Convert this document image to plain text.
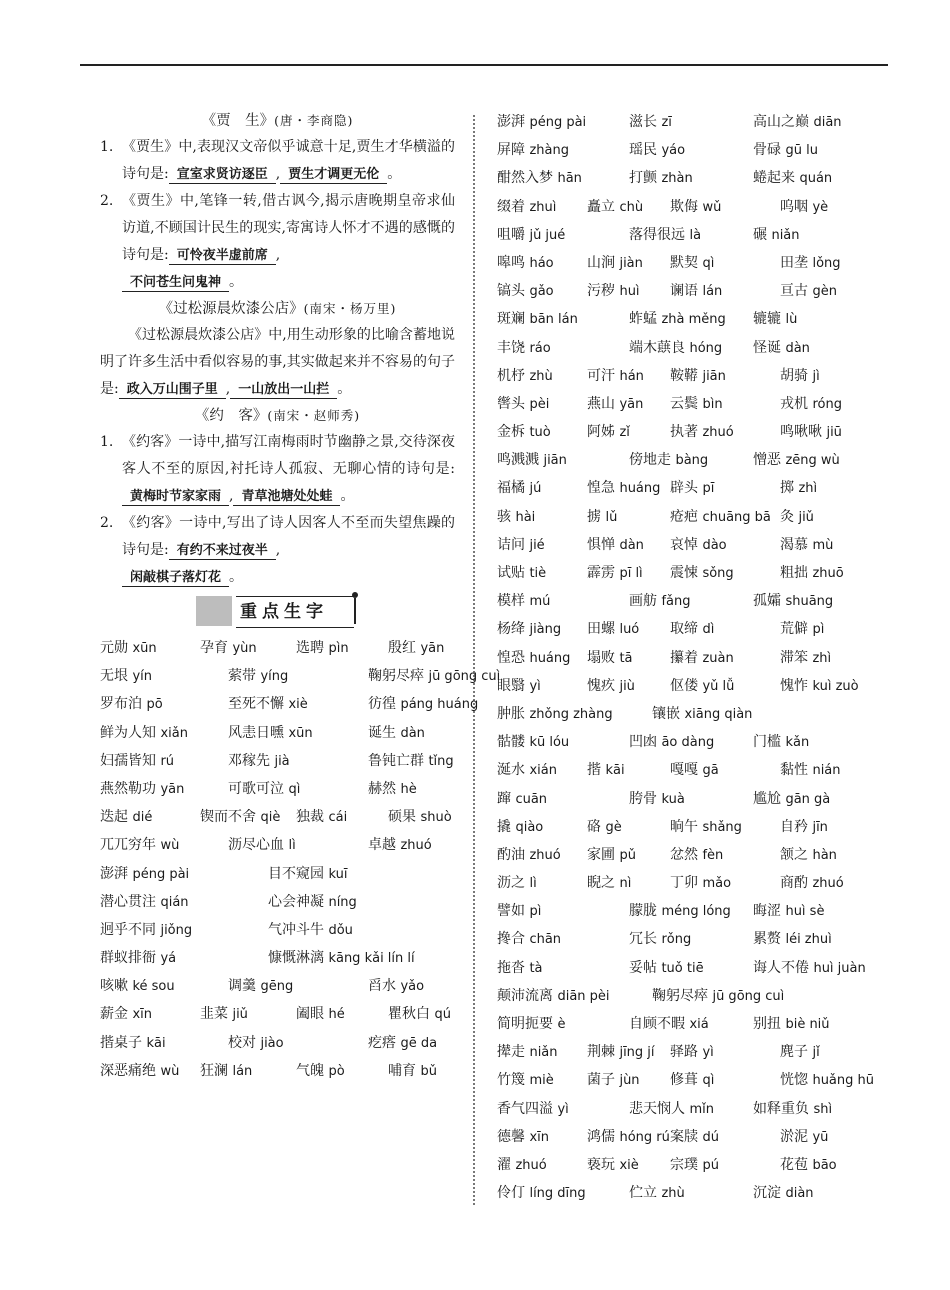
《贾　生》(唐・李商隐)
1. 《贾生》中,表现汉文帝似乎诚意十足,贾生才华横溢的诗句是: 宣室求贤访逐臣 , 贾生才调更无伦 。
2. 《贾生》中,笔锋一转,借古讽今,揭示唐晚期皇帝求仙访道,不顾国计民生的现实,寄寓诗人怀才不遇的感慨的诗句是: 可怜夜半虚前席 ,
不问苍生问鬼神 。
《过松源晨炊漆公店》(南宋・杨万里)
《过松源晨炊漆公店》中,用生动形象的比喻含蓄地说明了许多生活中看似容易的事,其实做起来并不容易的句子是: 政入万山围子里 , 一山放出一山拦 。
《约　客》(南宋・赵师秀)
1. 《约客》一诗中,描写江南梅雨时节幽静之景,交待深夜客人不至的原因,衬托诗人孤寂、无聊心情的诗句是:黄梅时节家家雨 , 青草池塘处处蛙 。
2. 《约客》一诗中,写出了诗人因客人不至而失望焦躁的诗句是: 有约不来过夜半 ,
闲敲棋子落灯花 。
重点生字
元勋 xūn	孕育 yùn	选聘 pìn	殷红 yān
无垠 yín	萦带 yíng	鞠躬尽瘁 jū gōng cuì
罗布泊 pō	至死不懈 xiè	彷徨 páng huáng
鲜为人知 xiǎn	风恚日曛 xūn	诞生 dàn
妇孺皆知 rú	邓稼先 jià	鲁钝亡群 tǐng
燕然勒功 yān	可歌可泣 qì	赫然 hè
迭起 dié	锲而不舍 qiè 独裁 cái	硕果 shuò
兀兀穷年 wù	沥尽心血 lì	卓越 zhuó
澎湃 péng pài	目不窥园 kuī
潜心贯注 qián	心会神凝 níng
迥乎不同 jiǒng	气冲斗牛 dǒu
群蚁排衙 yá	慷慨淋漓 kāng kǎi lín lí
咳嗽 ké sou	调羹 gēng	舀水 yǎo
薪金 xīn	韭菜 jiǔ	阖眼 hé	瞿秋白 qú
揩桌子 kāi	校对 jiào	疙瘩 gē da
深恶痛绝 wù 狂澜 lán	气魄 pò	哺育 bǔ
澎湃 péng pài	滋长 zī	高山之巅 diān
屏障 zhàng	瑶民 yáo	骨碌 gū lu
酣然入梦 hān	打颤 zhàn	蜷起来 quán
缀着 zhuì 矗立 chù 欺侮 wǔ	呜咽 yè
咀嚼 jǔ jué	落得很远 là	碾 niǎn
嗥鸣 háo 山涧 jiàn 默契 qì	田垄 lǒng
镐头 gǎo 污秽 huì 谰语 lán	亘古 gèn
斑斓 bān lán	蚱蜢 zhà měng 辘辘 lù
丰饶 ráo	端木蕻良 hóng 怪诞 dàn
机杼 zhù 可汗 hán 鞍鞯 jiān	胡骑 jì
辔头 pèi	燕山 yān 云鬓 bìn	戎机 róng
金柝 tuò	阿姊 zǐ	执著 zhuó	鸣啾啾 jiū
鸣溅溅 jiān	傍地走 bàng	憎恶 zēng wù
福橘 jú	惶急 huáng 辟头 pī	掷 zhì
骇 hài	掳 lǔ	疮疤 chuāng bā 灸 jiǔ
诘问 jié	惧惮 dàn 哀悼 dào	渴慕 mù
试贴 tiè	霹雳 pī lì 震悚 sǒng	粗拙 zhuō
模样 mú	画舫 fǎng	孤孀 shuāng
杨绛 jiàng 田螺 luó 取缔 dì	荒僻 pì
惶恐 huáng 塌败 tā	攥着 zuàn	滞笨 zhì
眼翳 yì	愧疚 jiù	伛偻 yǔ lǚ	愧怍 kuì zuò
肿胀 zhǒng zhàng	镶嵌 xiāng qiàn
骷髅 kū lóu	凹凼 āo dàng	门槛 kǎn
涎水 xián 揩 kāi	嘎嘎 gā	黏性 nián
蹿 cuān	胯骨 kuà	尴尬 gān gà
撬 qiào	硌 gè	晌午 shǎng	自矜 jīn
酌油 zhuó 家圃 pǔ 忿然 fèn	颔之 hàn
沥之 lì	睨之 nì	丁卯 mǎo	商酌 zhuó
譬如 pì	朦胧 méng lóng 晦涩 huì sè
搀合 chān	冗长 rǒng	累赘 léi zhuì
拖沓 tà	妥帖 tuǒ tiē	诲人不倦 huì juàn
颠沛流离 diān pèi	鞠躬尽瘁 jū gōng cuì
简明扼要 è	自顾不暇 xiá	别扭 biè niǔ
撵走 niǎn 荆棘 jīng jí 驿路 yì	麂子 jǐ
竹篾 miè 菌子 jùn 修葺 qì	恍惚 huǎng hū
香气四溢 yì	悲天悯人 mǐn	如释重负 shì
德馨 xīn	鸿儒 hóng rú 案牍 dú	淤泥 yū
濯 zhuó	亵玩 xiè 宗璞 pú	花苞 bāo
伶仃 líng dīng	伫立 zhù	沉淀 diàn
